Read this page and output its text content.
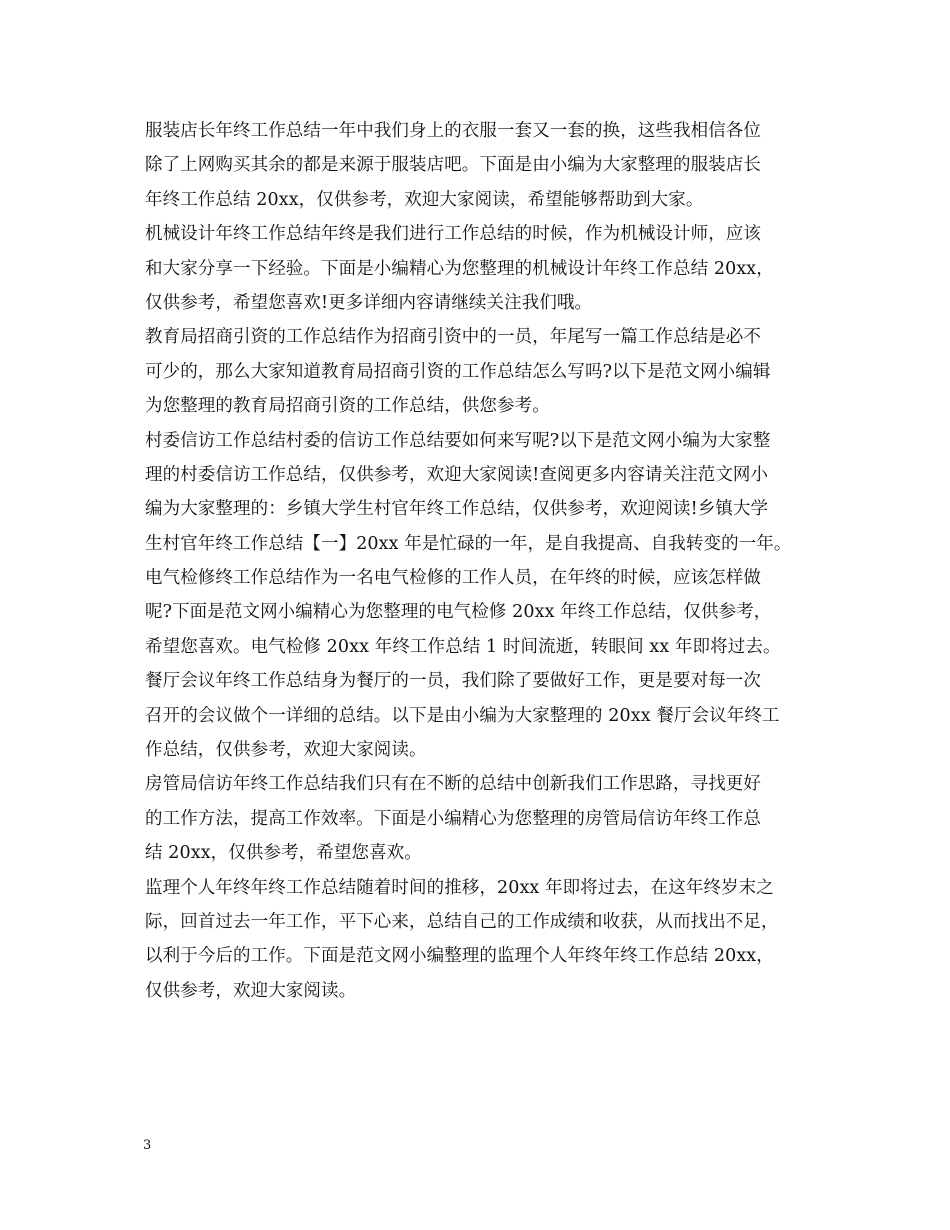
服装店长年终工作总结一年中我们身上的衣服一套又一套的换，这些我相信各位
除了上网购买其余的都是来源于服装店吧。下面是由小编为大家整理的服装店长
年终工作总结 20xx，仅供参考，欢迎大家阅读，希望能够帮助到大家。
机械设计年终工作总结年终是我们进行工作总结的时候，作为机械设计师，应该
和大家分享一下经验。下面是小编精心为您整理的机械设计年终工作总结 20xx，
仅供参考，希望您喜欢!更多详细内容请继续关注我们哦。
教育局招商引资的工作总结作为招商引资中的一员，年尾写一篇工作总结是必不
可少的，那么大家知道教育局招商引资的工作总结怎么写吗?以下是范文网小编辑
为您整理的教育局招商引资的工作总结，供您参考。
村委信访工作总结村委的信访工作总结要如何来写呢?以下是范文网小编为大家整
理的村委信访工作总结，仅供参考，欢迎大家阅读!查阅更多内容请关注范文网小
编为大家整理的：乡镇大学生村官年终工作总结，仅供参考，欢迎阅读!乡镇大学
生村官年终工作总结【一】20xx 年是忙碌的一年，是自我提高、自我转变的一年。
电气检修终工作总结作为一名电气检修的工作人员，在年终的时候，应该怎样做
呢?下面是范文网小编精心为您整理的电气检修 20xx 年终工作总结，仅供参考，
希望您喜欢。电气检修 20xx 年终工作总结 1 时间流逝，转眼间 xx 年即将过去。
餐厅会议年终工作总结身为餐厅的一员，我们除了要做好工作，更是要对每一次
召开的会议做个一详细的总结。以下是由小编为大家整理的 20xx 餐厅会议年终工
作总结，仅供参考，欢迎大家阅读。
房管局信访年终工作总结我们只有在不断的总结中创新我们工作思路，寻找更好
的工作方法，提高工作效率。下面是小编精心为您整理的房管局信访年终工作总
结 20xx，仅供参考，希望您喜欢。
监理个人年终年终工作总结随着时间的推移，20xx 年即将过去，在这年终岁末之
际，回首过去一年工作，平下心来，总结自己的工作成绩和收获，从而找出不足，
以利于今后的工作。下面是范文网小编整理的监理个人年终年终工作总结 20xx，
仅供参考，欢迎大家阅读。
3
